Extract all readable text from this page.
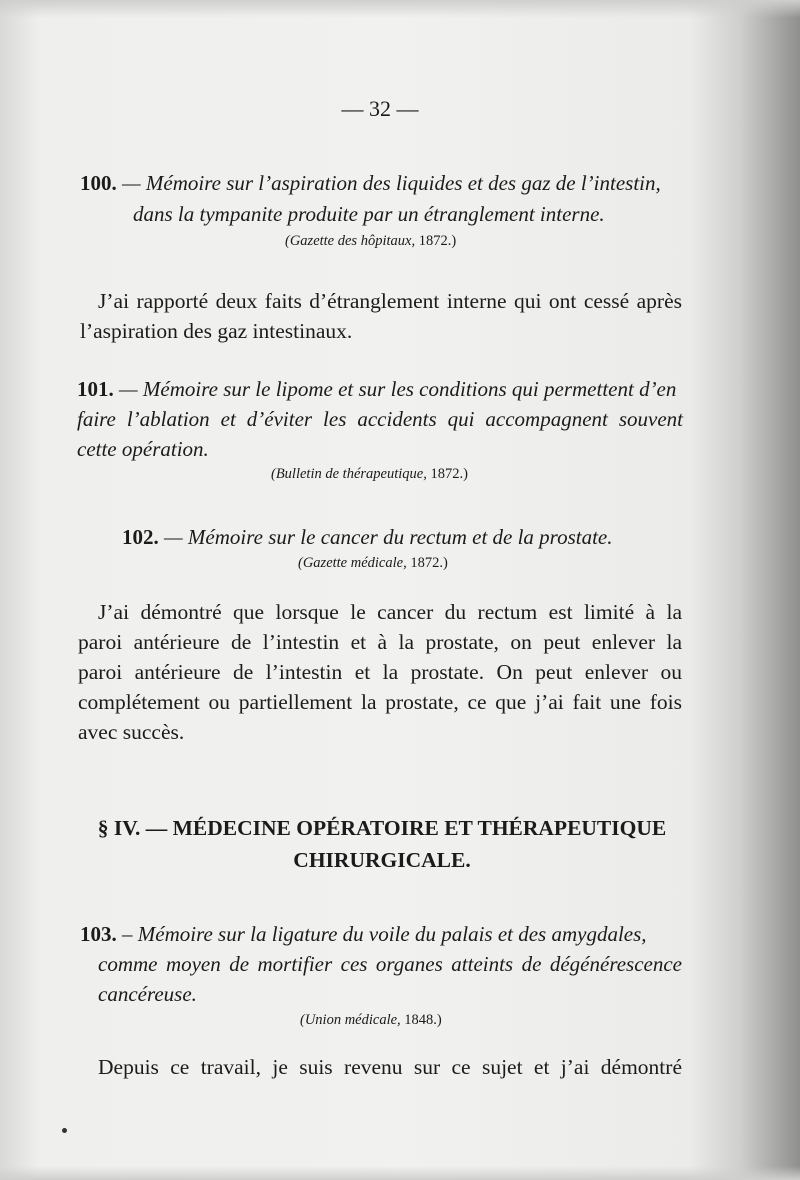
— 32 —
100. — Mémoire sur l’aspiration des liquides et des gaz de l’intestin,
dans la tympanite produite par un étranglement interne.
(Gazette des hôpitaux, 1872.)
J’ai rapporté deux faits d’étranglement interne qui ont cessé après
l’aspiration des gaz intestinaux.
101. — Mémoire sur le lipome et sur les conditions qui permettent d’en
faire l’ablation et d’éviter les accidents qui accompagnent souvent
cette opération.
(Bulletin de thérapeutique, 1872.)
102. — Mémoire sur le cancer du rectum et de la prostate.
(Gazette médicale, 1872.)
J’ai démontré que lorsque le cancer du rectum est limité à la
paroi antérieure de l’intestin et à la prostate, on peut enlever la
paroi antérieure de l’intestin et la prostate. On peut enlever ou
complétement ou partiellement la prostate, ce que j’ai fait une fois
avec succès.
§ IV. — MÉDECINE OPÉRATOIRE ET THÉRAPEUTIQUE
CHIRURGICALE.
103. – Mémoire sur la ligature du voile du palais et des amygdales,
comme moyen de mortifier ces organes atteints de dégénérescence
cancéreuse.
(Union médicale, 1848.)
Depuis ce travail, je suis revenu sur ce sujet et j’ai démontré
